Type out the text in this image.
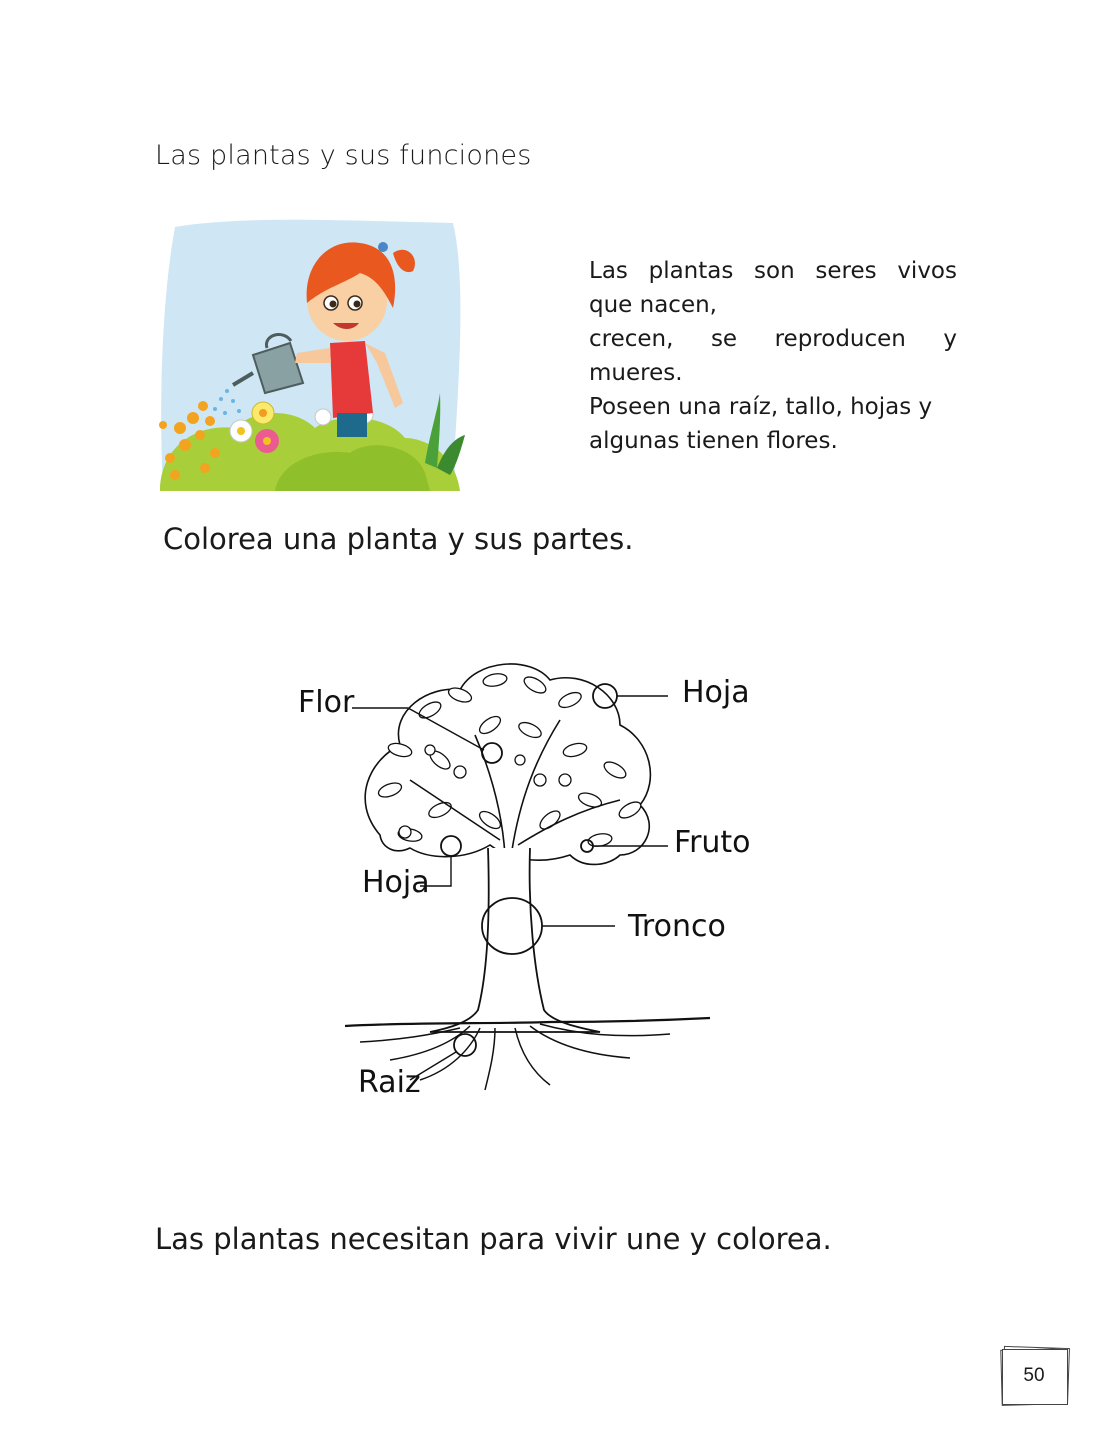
Las plantas y sus funciones

Las plantas son seres vivos
que nacen,
crecen, se reproducen y
mueres.
Poseen una raíz, tallo, hojas y
algunas tienen flores.

Colorea una planta y sus partes.
Flor	Hoja
Fruto
Hoja
Tronco
Raiz

Las plantas necesitan para vivir une y colorea.

50
